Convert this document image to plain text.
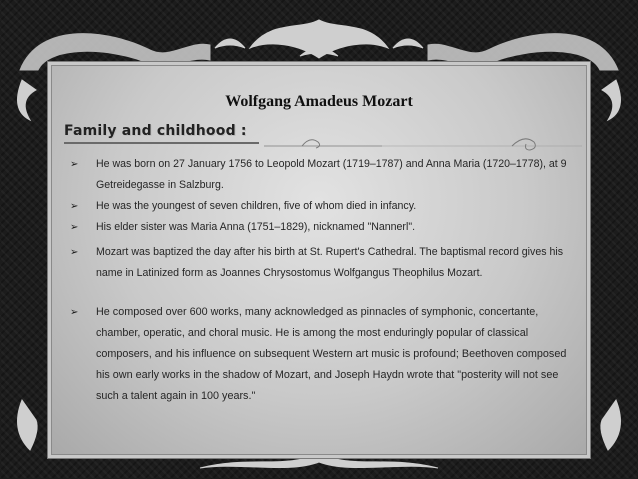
Wolfgang Amadeus Mozart
Family and childhood :
➢ He was born on 27 January 1756 to Leopold Mozart (1719–1787) and Anna Maria (1720–1778), at 9 Getreidegasse in Salzburg.
➢ He was the youngest of seven children, five of whom died in infancy.
➢ His elder sister was Maria Anna (1751–1829), nicknamed "Nannerl".
➢ Mozart was baptized the day after his birth at St. Rupert's Cathedral. The baptismal record gives his name in Latinized form as Joannes Chrysostomus Wolfgangus Theophilus Mozart.
➢ He composed over 600 works, many acknowledged as pinnacles of symphonic, concertante, chamber, operatic, and choral music. He is among the most enduringly popular of classical composers, and his influence on subsequent Western art music is profound; Beethoven composed his own early works in the shadow of Mozart, and Joseph Haydn wrote that "posterity will not see such a talent again in 100 years."
